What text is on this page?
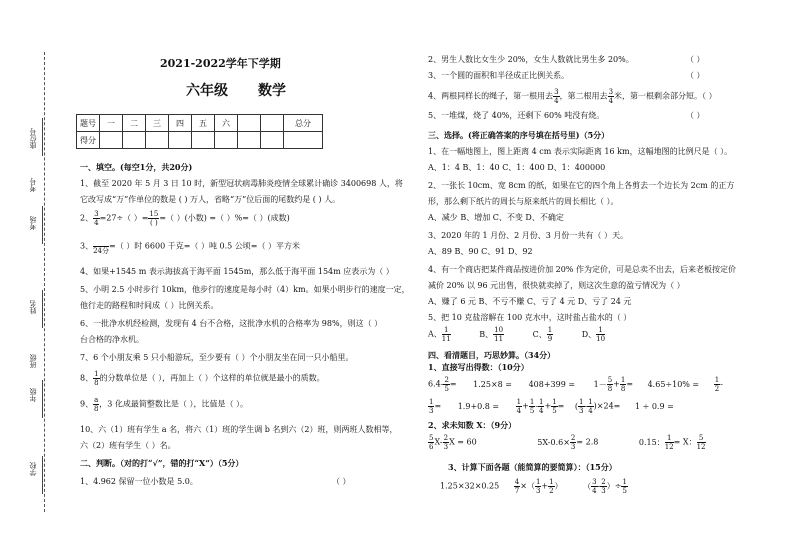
学校
年级
班级
姓名
考场
考号
座位号
2021-2022学年下学期
六年级 数学
题号	一	二	三	四	五	六			总分
得分									
一、填空。(每空1分，共20分)
1、截至 2020 年 5 月 3 日 10 时，新型冠状病毒肺炎疫情全球累计确诊 3400698 人，将
它改写成“万”作单位的数是 ( ) 万人，省略“万”位后面的尾数约是 ( ) 人。
2、 $\frac{3}{4} =27\div$（ ）= $\frac{15}{( )}$ =（ ）(小数) =（ ）%=（ ）(成数)
3、

24分
=（ ）时 6600 千克=（ ）吨 0.5 公顷=（ ）平方米
4、如果+1545 m 表示海拔高于海平面 1545m，那么低于海平面 154m 应表示为（ ）
5、小明 2.5 小时步行 10km，他步行的速度是每小时（4）km。如果小明步行的速度一定，
他行走的路程和时间成（ ）比例关系。
6、一批净水机经检测，发现有 4 台不合格，这批净水机的合格率为 98%，则这（ ）
台合格的净水机。
7、6 个小朋友乘 5 只小船游玩，至少要有（ ）个小朋友坐在同一只小船里。
8、 $\frac{1}{8}$ 的分数单位是（ ），再加上（ ）个这样的单位就是最小的质数。
9、 $\frac{a}{8}$ ，3 化成最简整数比是（ ），比值是（ ）。
10、六（1）班有学生 a 名，将六（1）班的学生调 b 名到六（2）班，则两班人数相等，
六（2）班有学生（ ）名。
二、判断。（对的打“√”，错的打“X”）（5分）
1、4.962 保留一位小数是 5.0。	（ ）
2、男生人数比女生少 20%，女生人数就比男生多 20%。	（ ）
3、一个圆的面积和半径成正比例关系。	（ ）
4、两根同样长的绳子，第一根用去 $\frac{3}{4}$ ，第二根用去 $\frac{3}{4}$ 米，第一根剩余部分短。（ ）
5、一堆煤，烧了 40%，还剩下 60% 吨没有烧。	（ ）
三、选择。(将正确答案的序号填在括号里)（5分）
1、在一幅地图上，图上距离 4 cm 表示实际距离 16 km，这幅地图的比例尺是（ ）。
A、1：4 B、1：40 C、1：400 D、1：400000
2、一张长 10cm、宽 8cm 的纸，如果在它的四个角上各剪去一个边长为 2cm 的正方
形，那么剩下纸片的周长与原来纸片的周长相比（ ）。
A、减少 B、增加 C、不变 D、不确定
3、2020 年的 1 月份、2 月份、3 月份一共有（ ）天。
A、89 B、90 C、91 D、92
4、有一个商店把某件商品按进价加 20% 作为定价，可是总卖不出去，后来老板按定价
减价 20% 以 96 元出售，很快就卖掉了，则这次生意的盈亏情况为（ ）
A、赚了 6 元 B、不亏不赚 C、亏了 4 元 D、亏了 24 元
5、把 10 克盐溶解在 100 克水中，这时盐占盐水的（ ）
A、 $\frac{1}{11}$	B、 $\frac{10}{11}$	C、 $\frac{1}{9}$	D、 $\frac{1}{10}$
四、看清题目，巧思妙算。（34分）
1、直接写出得数：（10分）
$6.4- \frac{2}{5} = 1.25\times 8 = 408+399 = 1- \frac{5}{8} + \frac{1}{8} = 4.65\div 10\% = \frac{1}{2}$ -
$\frac{1}{3} = 1.9+0.8 = \frac{1}{4} + \frac{1}{5} - \frac{1}{4} + \frac{1}{5}$ = ( $\frac{1}{3} - \frac{1}{4} )\times 24= 1 \div 0.9$ =
2、求未知数 X：（9分）
$\frac{5}{6} X- \frac{2}{3}$ X = 60	$5X-0.6\times \frac{2}{3} = 2.8$	0.15： $\frac{1}{12} = X$： $\frac{5}{12}$
3、计算下面各题（能简算的要简算）：（15分）
$1.25\times 32\times 0.25 \frac{4}{7}$ ×（ $\frac{1}{3} + \frac{1}{2}$ ）	（ $\frac{3}{4} - \frac{2}{3}$ ）÷ $\frac{1}{5}$
